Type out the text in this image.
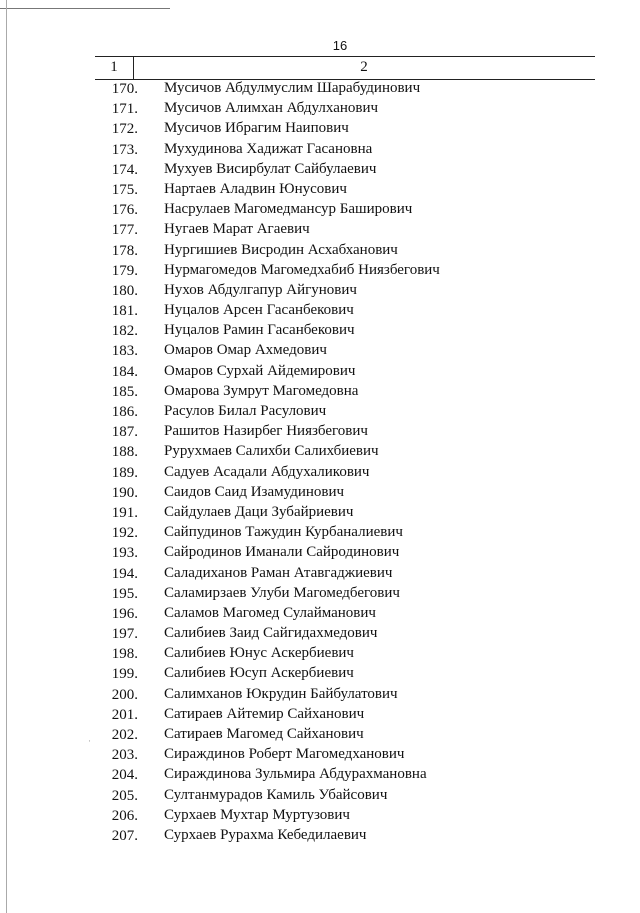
16
1	2
170. Мусичов Абдулмуслим Шарабудинович
171. Мусичов Алимхан Абдулханович
172. Мусичов Ибрагим Наипович
173. Мухудинова Хадижат Гасановна
174. Мухуев Висирбулат Сайбулаевич
175. Нартаев Аладвин Юнусович
176. Насрулаев Магомедмансур Баширович
177. Нугаев Марат Агаевич
178. Нургишиев Висродин Асхабханович
179. Нурмагомедов Магомедхабиб Ниязбегович
180. Нухов Абдулгапур Айгунович
181. Нуцалов Арсен Гасанбекович
182. Нуцалов Рамин Гасанбекович
183. Омаров Омар Ахмедович
184. Омаров Сурхай Айдемирович
185. Омарова Зумрут Магомедовна
186. Расулов Билал Расулович
187. Рашитов Назирбег Ниязбегович
188. Рурухмаев Салихби Салихбиевич
189. Садуев Асадали Абдухаликович
190. Саидов Саид Изамудинович
191. Сайдулаев Даци Зубайриевич
192. Сайпудинов Тажудин Курбаналиевич
193. Сайродинов Иманали Сайродинович
194. Саладиханов Раман Атавгаджиевич
195. Саламирзаев Улуби Магомедбегович
196. Саламов Магомед Сулайманович
197. Салибиев Заид Сайгидахмедович
198. Салибиев Юнус Аскербиевич
199. Салибиев Юсуп Аскербиевич
200. Салимханов Юкрудин Байбулатович
201. Сатираев Айтемир Сайханович
202. Сатираев Магомед Сайханович
203. Сираждинов Роберт Магомедханович
204. Сираждинова Зульмира Абдурахмановна
205. Султанмурадов Камиль Убайсович
206. Сурхаев Мухтар Муртузович
207. Сурхаев Рурахма Кебедилаевич
·
